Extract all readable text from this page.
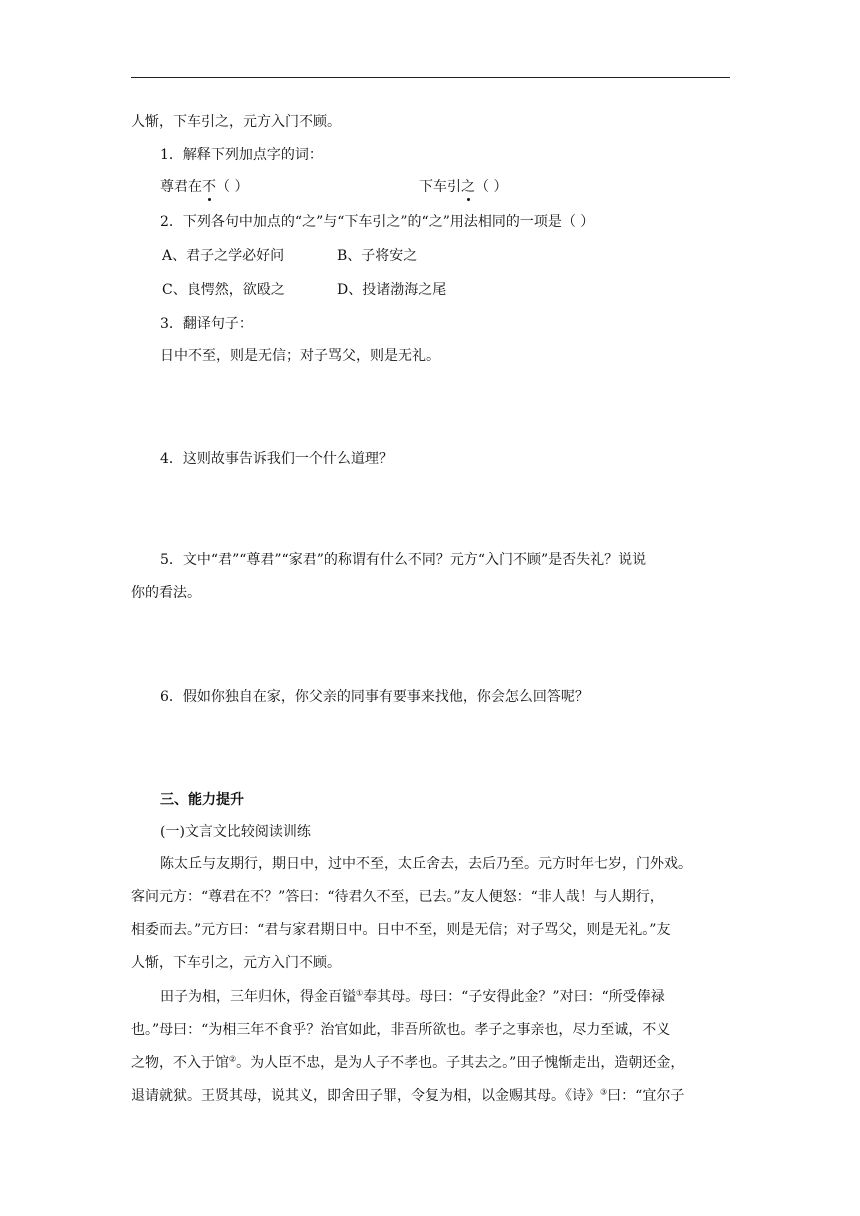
人惭，下车引之，元方入门不顾。
1．解释下列加点字的词：
尊君在不（ ）	下车引之（ ）
2．下列各句中加点的“之”与“下车引之”的“之”用法相同的一项是（ ）
A、君子之学必好问	B、子将安之
C、良愕然，欲殴之	D、投诸渤海之尾
3．翻译句子：
日中不至，则是无信；对子骂父，则是无礼。
4．这则故事告诉我们一个什么道理？
5．文中“君”“尊君”“家君”的称谓有什么不同？元方“入门不顾”是否失礼？说说
你的看法。
6．假如你独自在家，你父亲的同事有要事来找他，你会怎么回答呢？
三、能力提升
(一)文言文比较阅读训练
陈太丘与友期行，期日中，过中不至，太丘舍去，去后乃至。元方时年七岁，门外戏。
客问元方：“尊君在不？”答曰：“待君久不至，已去。”友人便怒：“非人哉！与人期行，
相委而去。”元方曰：“君与家君期日中。日中不至，则是无信；对子骂父，则是无礼。”友
人惭，下车引之，元方入门不顾。
田子为相，三年归休，得金百镒①奉其母。母曰：“子安得此金？”对曰：“所受俸禄
也。”母曰：“为相三年不食乎？治官如此，非吾所欲也。孝子之事亲也，尽力至诚，不义
之物，不入于馆②。为人臣不忠，是为人子不孝也。子其去之。”田子愧惭走出，造朝还金，
退请就狱。王贤其母，说其义，即舍田子罪，令复为相，以金赐其母。《诗》③曰：“宜尔子
